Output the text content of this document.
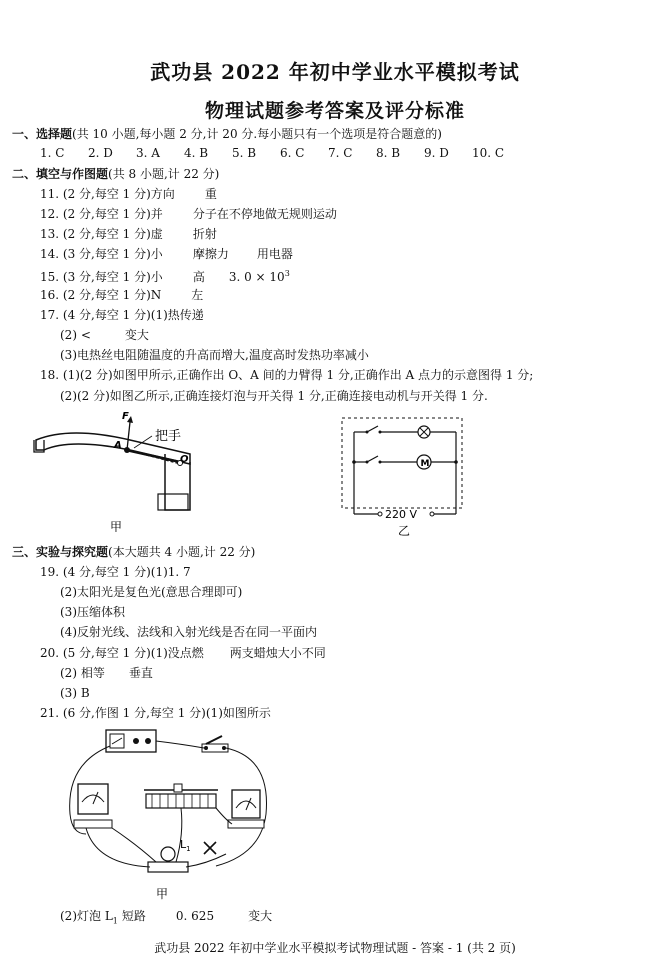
武功县 2022 年初中学业水平模拟考试
物理试题参考答案及评分标准
一、选择题(共 10 小题,每小题 2 分,计 20 分.每小题只有一个选项是符合题意的)
1. C 2. D 3. A 4. B 5. B 6. C 7. C 8. B 9. D 10. C
二、填空与作图题(共 8 小题,计 22 分)
11. (2 分,每空 1 分)方向	重
12. (2 分,每空 1 分)并	分子在不停地做无规则运动
13. (2 分,每空 1 分)虚	折射
14. (3 分,每空 1 分)小	摩擦力 用电器
15. (3 分,每空 1 分)小	高 3. $0 \times 10^3$
16. (2 分,每空 1 分)N	左
17. (4 分,每空 1 分)(1)热传递
(2) <	变大
(3)电热丝电阻随温度的升高而增大,温度高时发热功率减小
18. (1)(2 分)如图甲所示,正确作出 O、A 间的力臂得 1 分,正确作出 A 点力的示意图得 1 分;
(2)(2 分)如图乙所示,正确连接灯泡与开关得 1 分,正确连接电动机与开关得 1 分.
F
A
把手
O
甲
M
220 V
乙
三、实验与探究题(本大题共 4 小题,计 22 分)
19. (4 分,每空 1 分)(1)1. 7
(2)太阳光是复色光(意思合理即可)
(3)压缩体积
(4)反射光线、法线和入射光线是否在同一平面内
20. (5 分,每空 1 分)(1)没点燃 两支蜡烛大小不同
(2) 相等 垂直
(3) B
21. (6 分,作图 1 分,每空 1 分)(1)如图所示
$L_1$
甲
(2)灯泡 $L_1$ 短路	0. 625	变大
武功县 2022 年初中学业水平模拟考试物理试题 - 答案 - 1 (共 2 页)
